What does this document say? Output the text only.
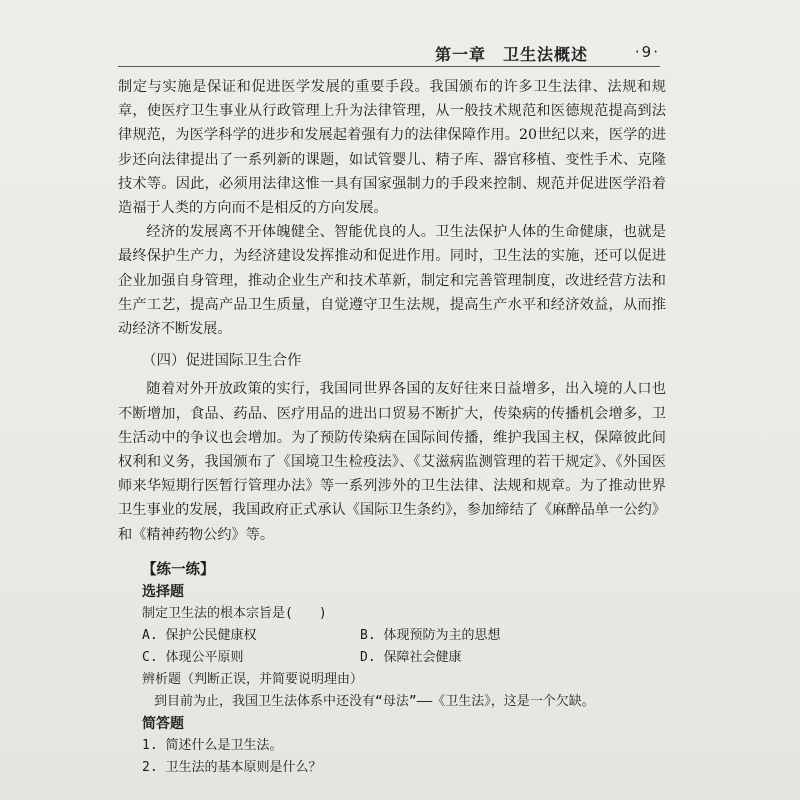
第一章　卫生法概述	·9·

制定与实施是保证和促进医学发展的重要手段。我国颁布的许多卫生法律、法规和规章，使医疗卫生事业从行政管理上升为法律管理，从一般技术规范和医德规范提高到法律规范，为医学科学的进步和发展起着强有力的法律保障作用。20世纪以来，医学的进步还向法律提出了一系列新的课题，如试管婴儿、精子库、器官移植、变性手术、克隆技术等。因此，必须用法律这惟一具有国家强制力的手段来控制、规范并促进医学沿着造福于人类的方向而不是相反的方向发展。

经济的发展离不开体魄健全、智能优良的人。卫生法保护人体的生命健康，也就是最终保护生产力，为经济建设发挥推动和促进作用。同时，卫生法的实施，还可以促进企业加强自身管理，推动企业生产和技术革新，制定和完善管理制度，改进经营方法和生产工艺，提高产品卫生质量，自觉遵守卫生法规，提高生产水平和经济效益，从而推动经济不断发展。

（四）促进国际卫生合作

随着对外开放政策的实行，我国同世界各国的友好往来日益增多，出入境的人口也不断增加，食品、药品、医疗用品的进出口贸易不断扩大，传染病的传播机会增多，卫生活动中的争议也会增加。为了预防传染病在国际间传播，维护我国主权，保障彼此间权利和义务，我国颁布了《国境卫生检疫法》、《艾滋病监测管理的若干规定》、《外国医师来华短期行医暂行管理办法》等一系列涉外的卫生法律、法规和规章。为了推动世界卫生事业的发展，我国政府正式承认《国际卫生条约》，参加缔结了《麻醉品单一公约》和《精神药物公约》等。

【练一练】
选择题
制定卫生法的根本宗旨是(　　)
A. 保护公民健康权	B. 体现预防为主的思想
C. 体现公平原则	D. 保障社会健康
辨析题（判断正误，并简要说明理由）
到目前为止，我国卫生法体系中还没有“母法”——《卫生法》，这是一个欠缺。
简答题
1. 简述什么是卫生法。
2. 卫生法的基本原则是什么？
